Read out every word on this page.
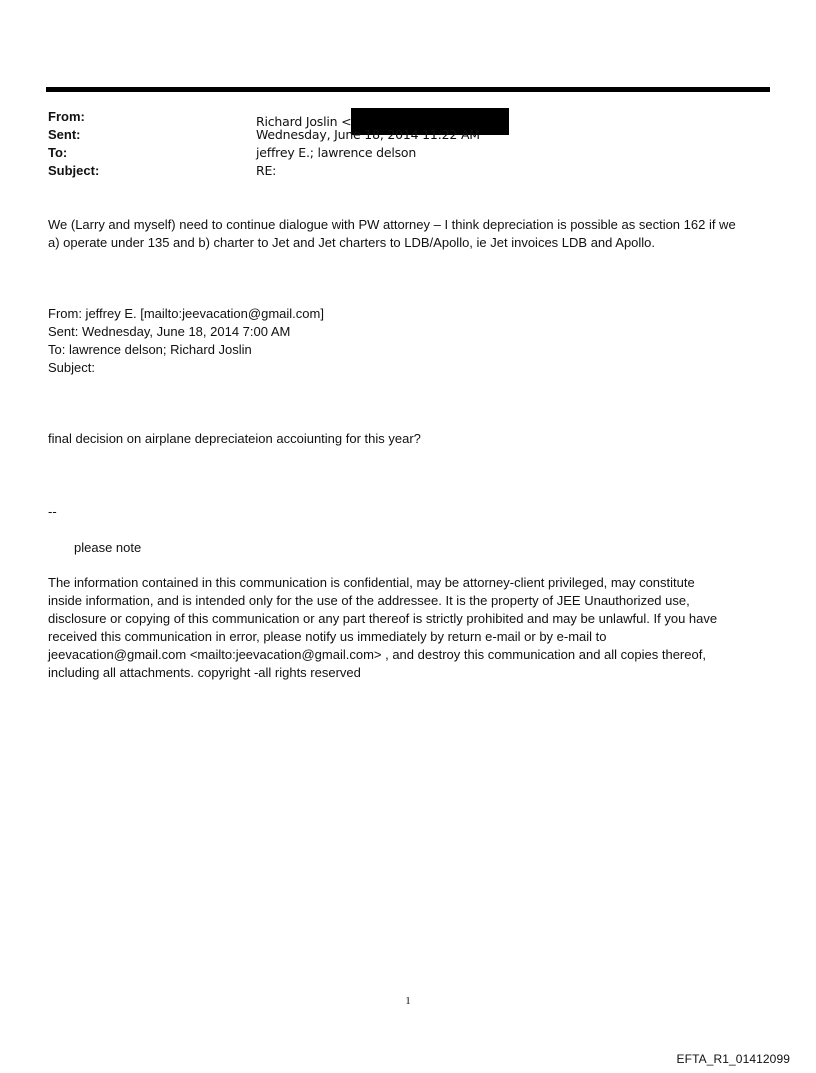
From:	Richard Joslin <
Sent:	Wednesday, June 18, 2014 11:22 AM
To:	jeffrey E.; lawrence delson
Subject:	RE:

We (Larry and myself) need to continue dialogue with PW attorney – I think depreciation is possible as section 162 if we

a) operate under 135 and b) charter to Jet and Jet charters to LDB/Apollo, ie Jet invoices LDB and Apollo.

From: jeffrey E. [mailto:jeevacation@gmail.com]

Sent: Wednesday, June 18, 2014 7:00 AM

To: lawrence delson; Richard Joslin

Subject:

final decision on airplane depreciateion accoiunting for this year?

--

please note

The information contained in this communication is confidential, may be attorney-client privileged, may constitute

inside information, and is intended only for the use of the addressee. It is the property of JEE Unauthorized use,

disclosure or copying of this communication or any part thereof is strictly prohibited and may be unlawful. If you have

received this communication in error, please notify us immediately by return e-mail or by e-mail to

jeevacation@gmail.com <mailto:jeevacation@gmail.com> , and destroy this communication and all copies thereof,

including all attachments. copyright -all rights reserved

1
EFTA_R1_01412099
